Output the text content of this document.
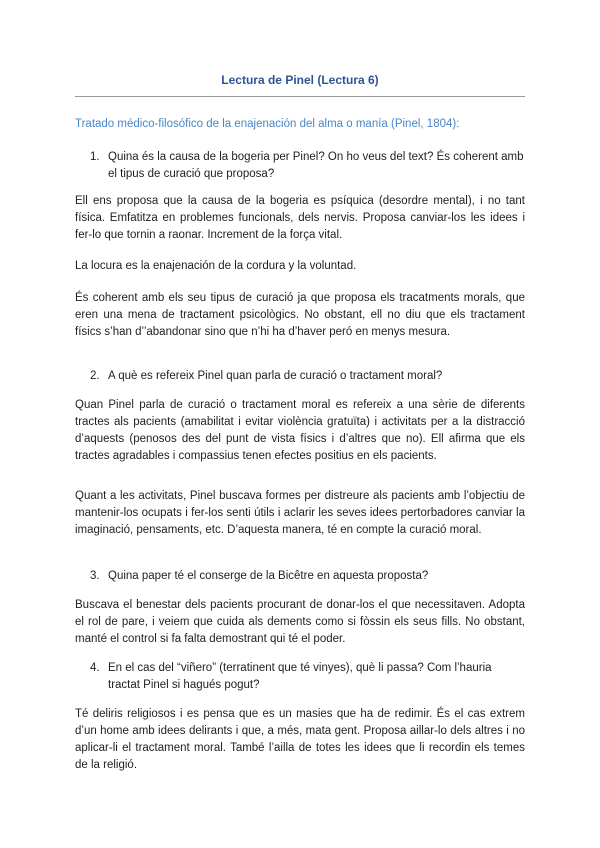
Lectura de Pinel (Lectura 6)
Tratado médico-filosófico de la enajenación del alma o manía (Pinel, 1804):
1. Quina és la causa de la bogeria per Pinel? On ho veus del text? És coherent amb el tipus de curació que proposa?
Ell ens proposa que la causa de la bogeria es psíquica (desordre mental), i no tant física. Emfatitza en problemes funcionals, dels nervis. Proposa canviar-los les idees i fer-lo que tornin a raonar. Increment de la força vital.
La locura es la enajenación de la cordura y la voluntad.
És coherent amb els seu tipus de curació ja que proposa els tracatments morals, que eren una mena de tractament psicològics. No obstant, ell no diu que els tractament físics s’han d’’abandonar sino que n’hi ha d’haver peró en menys mesura.
2. A què es refereix Pinel quan parla de curació o tractament moral?
Quan Pinel parla de curació o tractament moral es refereix a una sèrie de diferents tractes als pacients (amabilitat i evitar violència gratuïta) i activitats per a la distracció d’aquests (penosos des del punt de vista físics i d’altres que no). Ell afirma que els tractes agradables i compassius tenen efectes positius en els pacients.
Quant a les activitats, Pinel buscava formes per distreure als pacients amb l’objectiu de mantenir-los ocupats i fer-los senti útils i aclarir les seves idees pertorbadores canviar la imaginació, pensaments, etc. D’aquesta manera, té en compte la curació moral.
3. Quina paper té el conserge de la Bicêtre en aquesta proposta?
Buscava el benestar dels pacients procurant de donar-los el que necessitaven. Adopta el rol de pare, i veiem que cuida als dements como si fòssin els seus fills. No obstant, manté el control si fa falta demostrant qui té el poder.
4. En el cas del “viñero” (terratinent que té vinyes), què li passa? Com l’hauria tractat Pinel si hagués pogut?
Té deliris religiosos i es pensa que es un masies que ha de redimir. És el cas extrem d’un home amb idees delirants i que, a més, mata gent. Proposa aillar-lo dels altres i no aplicar-li el tractament moral. També l’ailla de totes les idees que li recordin els temes de la religió.
